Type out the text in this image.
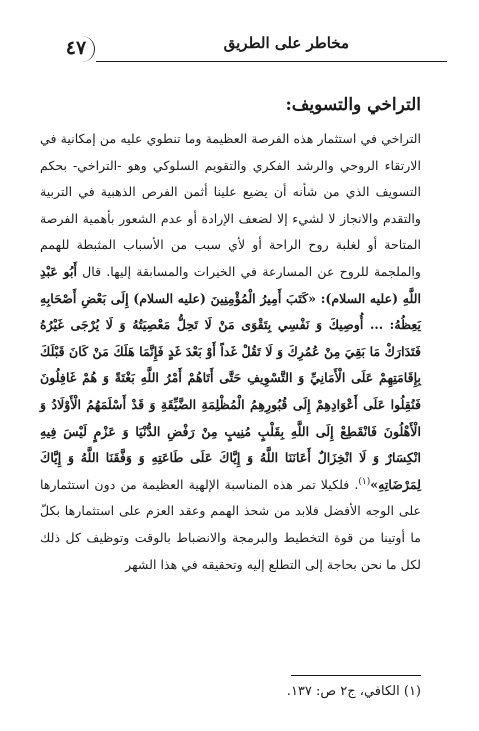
٤٧	مخاطر على الطريق
التراخي والتسويف:

التراخي في استثمار هذه الفرصة العظيمة وما تنطوي عليه من إمكانية في الارتقاء الروحي والرشد الفكري والتقويم السلوكي وهو -التراخي- بحكم التسويف الذي من شأنه أن يضيع علينا أثمن الفرص الذهبية في التربية والتقدم والانجاز لا لشيء إلا لضعف الإرادة أو عدم الشعور بأهمية الفرصة المتاحة أو لغلبة روح الراحة أو لأي سبب من الأسباب المثبطة للهمم والملجمة للروح عن المسارعة في الخيرات والمسابقة إليها. قال أَبُو عَبْدِ اللَّهِ (عليه السلام): «كَتَبَ أَمِيرُ الْمُؤْمِنِينَ (عليه السلام) إِلَى بَعْضِ أَصْحَابِهِ يَعِظُهُ: ... أُوصِيكَ وَ نَفْسِي بِتَقْوَى مَنْ لَا تَحِلُّ مَعْصِيَتُهُ وَ لَا يُرْجَى غَيْرُهُ فَتَدَارَكْ مَا بَقِيَ مِنْ عُمُرِكَ وَ لَا تَقُلْ غَداً أَوْ بَعْدَ غَدٍ فَإِنَّمَا هَلَكَ مَنْ كَانَ قَبْلَكَ بِإِقَامَتِهِمْ عَلَى الْأَمَانِيِّ وَ التَّسْوِيفِ حَتَّى أَتَاهُمْ أَمْرُ اللَّهِ بَغْتَةً وَ هُمْ غَافِلُونَ فَنُقِلُوا عَلَى أَعْوَادِهِمْ إِلَى قُبُورِهِمُ الْمُظْلِمَةِ الضَّيِّقَةِ وَ قَدْ أَسْلَمَهُمُ الْأَوْلَادُ وَ الْأَهْلُونَ فَانْقَطِعْ إِلَى اللَّهِ بِقَلْبٍ مُنِيبٍ مِنْ رَفْضِ الدُّنْيَا وَ عَزْمٍ لَيْسَ فِيهِ انْكِسَارٌ وَ لَا انْخِزَالٌ أَعَانَنَا اللَّهُ وَ إِيَّاكَ عَلَى طَاعَتِهِ وَ وَفَّقَنَا اللَّهُ وَ إِيَّاكَ لِمَرْضَاتِهِ»$^{(١)}$. فلكيلا تمر هذه المناسبة الإلهية العظيمة من دون استثمارها على الوجه الأفضل فلابد من شحذ الهمم وعقد العزم على استثمارها بكلّ ما أوتينا من قوة التخطيط والبرمجة والانضباط بالوقت وتوظيف كل ذلك لكل ما نحن بحاجة إلى التطلع إليه وتحقيقه في هذا الشهر

(١) الكافي، ج٢ ص: ١٣٧.
